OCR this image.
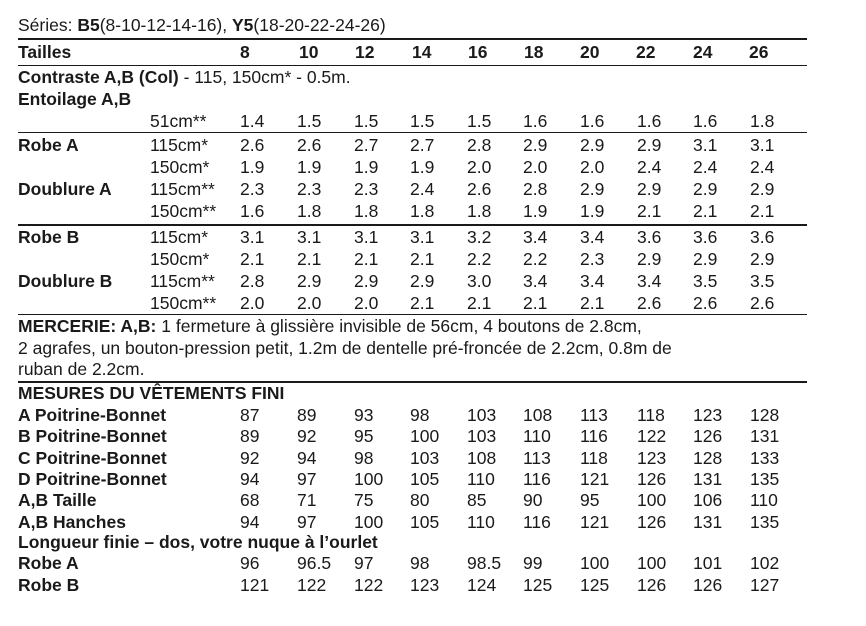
Séries: B5(8-10-12-14-16), Y5(18-20-22-24-26)
Tailles	8	10 12 14 16 18 20 22 24 26
Contraste A,B (Col) - 115, 150cm* - 0.5m.
Entoilage A,B
51cm** 1.4 1.5 1.5 1.5 1.5 1.6 1.6 1.6 1.6 1.8
Robe A	115cm* 2.6 2.6 2.7 2.7 2.8 2.9 2.9 2.9 3.1 3.1
150cm* 1.9 1.9 1.9 1.9 2.0 2.0 2.0 2.4 2.4 2.4
Doublure A 115cm** 2.3 2.3 2.3 2.4 2.6 2.8 2.9 2.9 2.9 2.9
150cm** 1.6 1.8 1.8 1.8 1.8 1.9 1.9 2.1 2.1 2.1
Robe B	115cm* 3.1 3.1 3.1 3.1 3.2 3.4 3.4 3.6 3.6 3.6
150cm* 2.1 2.1 2.1 2.1 2.2 2.2 2.3 2.9 2.9 2.9
Doublure B 115cm** 2.8 2.9 2.9 2.9 3.0 3.4 3.4 3.4 3.5 3.5
150cm** 2.0 2.0 2.0 2.1 2.1 2.1 2.1 2.6 2.6 2.6
MERCERIE: A,B: 1 fermeture à glissière invisible de 56cm, 4 boutons de 2.8cm,
2 agrafes, un bouton-pression petit, 1.2m de dentelle pré-froncée de 2.2cm, 0.8m de
ruban de 2.2cm.
MESURES DU VÊTEMENTS FINI
A Poitrine-Bonnet	87 89 93 98 103 108 113 118 123 128
B Poitrine-Bonnet	89 92 95 100 103 110 116 122 126 131
C Poitrine-Bonnet	92 94 98 103 108 113 118 123 128 133
D Poitrine-Bonnet	94 97 100 105 110 116 121 126 131 135
A,B Taille	68 71 75 80 85 90 95 100 106 110
A,B Hanches	94 97 100 105 110 116 121 126 131 135
Longueur finie – dos, votre nuque à l’ourlet
Robe A	96 96.5 97 98 98.5 99 100 100 101 102
Robe B	121 122 122 123 124 125 125 126 126 127
